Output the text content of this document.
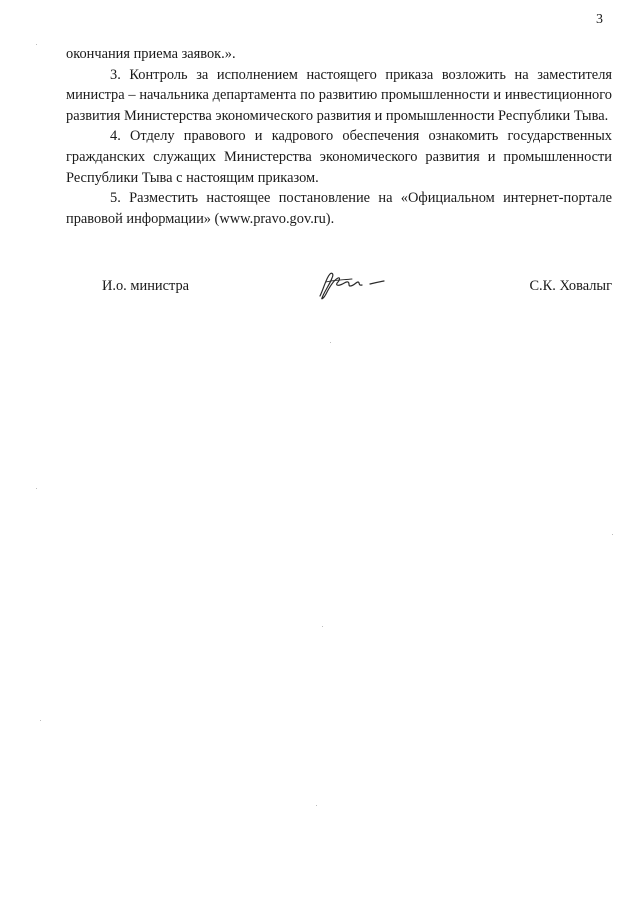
3

окончания приема заявок.».

3. Контроль за исполнением настоящего приказа возложить на заместителя министра – начальника департамента по развитию промышленности и инвестиционного развития Министерства экономического развития и промышленности Республики Тыва.

4. Отделу правового и кадрового обеспечения ознакомить государственных гражданских служащих Министерства экономического развития и промышленности Республики Тыва с настоящим приказом.

5. Разместить настоящее постановление на «Официальном интернет-портале правовой информации» (www.pravo.gov.ru).

И.о. министра	С.К. Ховалыг
